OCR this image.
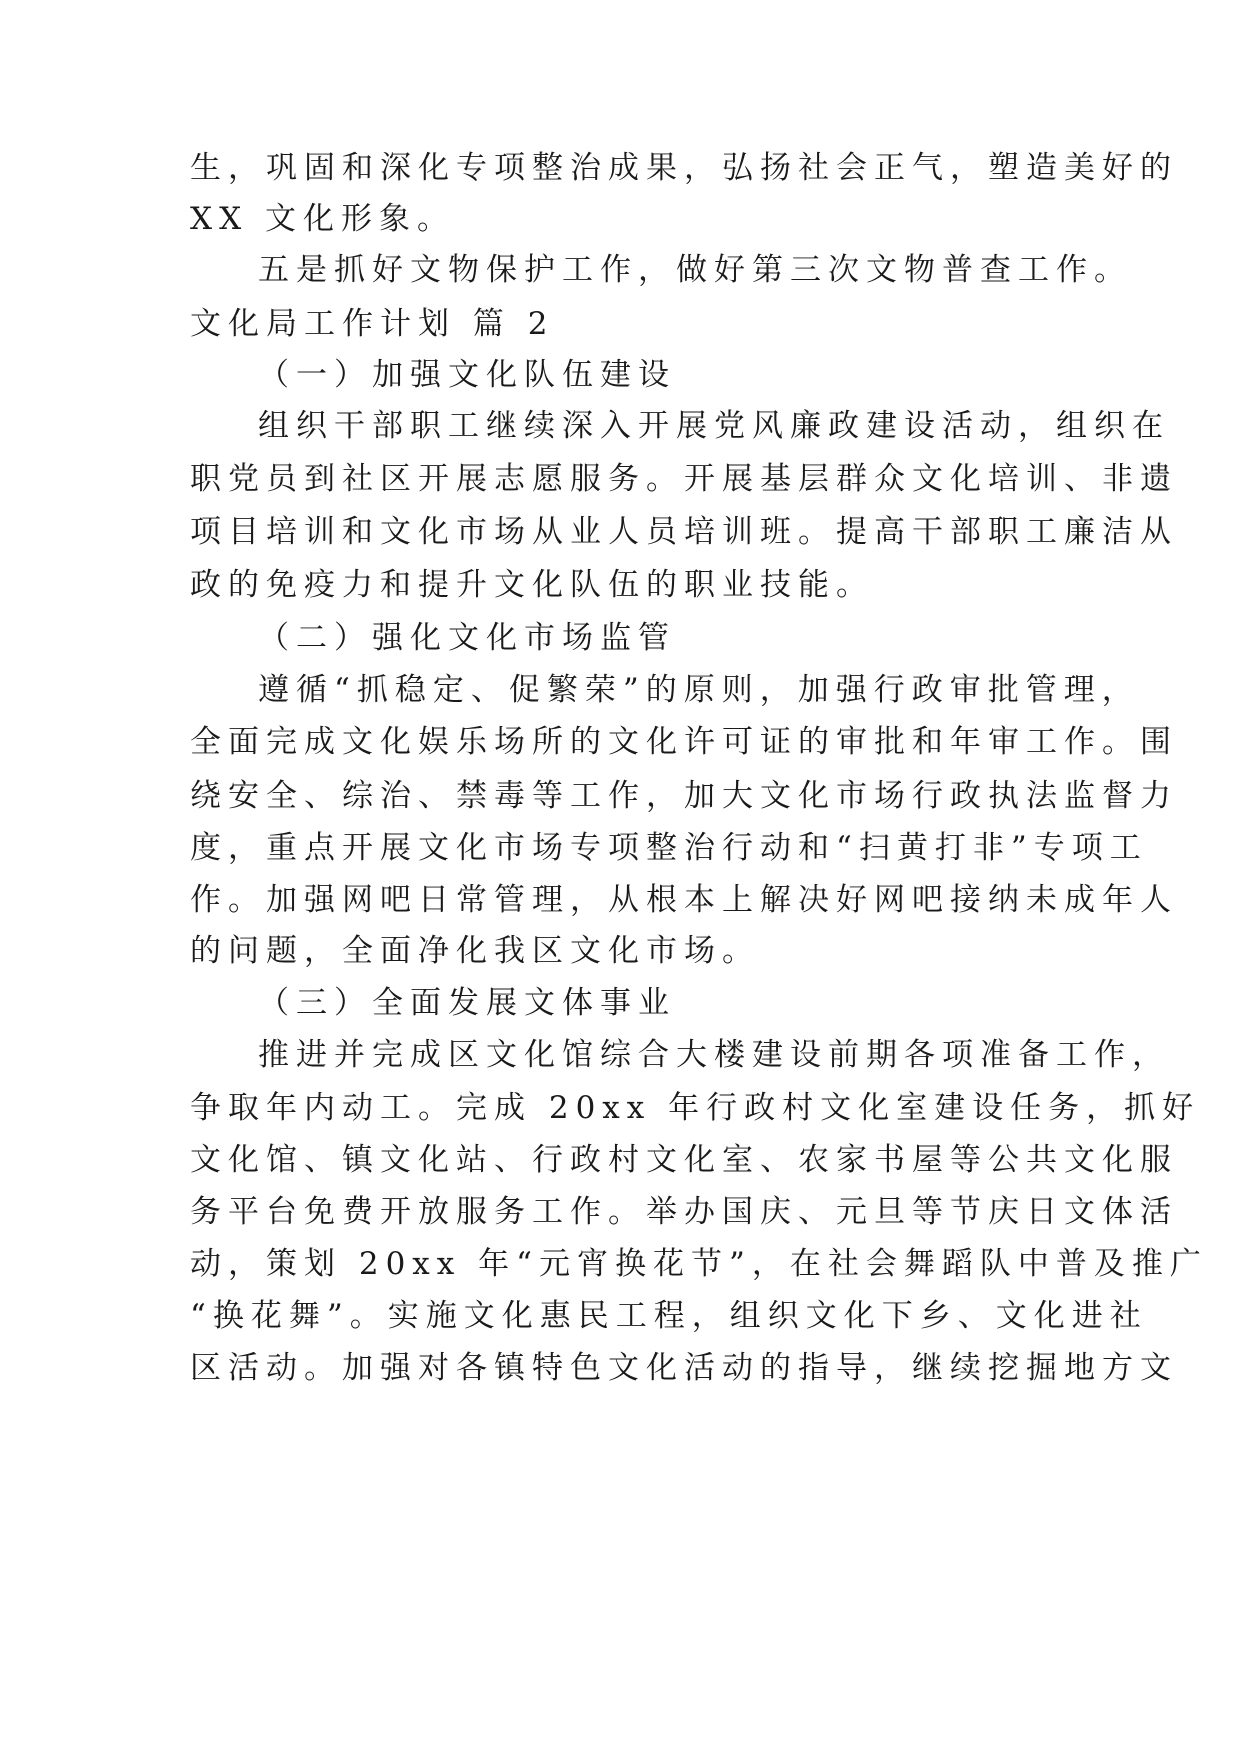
生，巩固和深化专项整治成果，弘扬社会正气，塑造美好的
XX 文化形象。
五是抓好文物保护工作，做好第三次文物普查工作。
文化局工作计划 篇 2
（一）加强文化队伍建设
组织干部职工继续深入开展党风廉政建设活动，组织在
职党员到社区开展志愿服务。开展基层群众文化培训、非遗
项目培训和文化市场从业人员培训班。提高干部职工廉洁从
政的免疫力和提升文化队伍的职业技能。
（二）强化文化市场监管
遵循“抓稳定、促繁荣”的原则，加强行政审批管理，
全面完成文化娱乐场所的文化许可证的审批和年审工作。围
绕安全、综治、禁毒等工作，加大文化市场行政执法监督力
度，重点开展文化市场专项整治行动和“扫黄打非”专项工
作。加强网吧日常管理，从根本上解决好网吧接纳未成年人
的问题，全面净化我区文化市场。
（三）全面发展文体事业
推进并完成区文化馆综合大楼建设前期各项准备工作，
争取年内动工。完成 20xx 年行政村文化室建设任务，抓好
文化馆、镇文化站、行政村文化室、农家书屋等公共文化服
务平台免费开放服务工作。举办国庆、元旦等节庆日文体活
动，策划 20xx 年“元宵换花节”，在社会舞蹈队中普及推广
“换花舞”。实施文化惠民工程，组织文化下乡、文化进社
区活动。加强对各镇特色文化活动的指导，继续挖掘地方文
